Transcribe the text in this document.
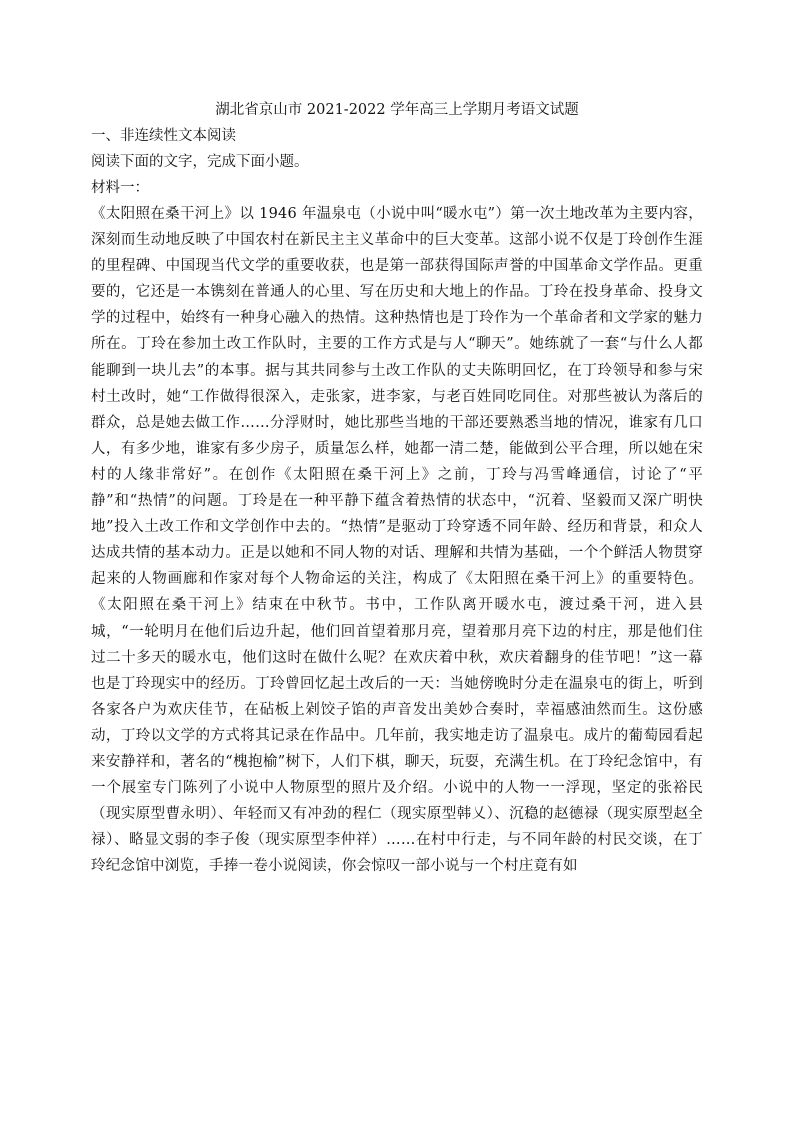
湖北省京山市 2021-2022 学年高三上学期月考语文试题

一、非连续性文本阅读

阅读下面的文字，完成下面小题。

材料一：

《太阳照在桑干河上》以 1946 年温泉屯（小说中叫“暖水屯”）第一次土地改革为主要内容，深刻而生动地反映了中国农村在新民主主义革命中的巨大变革。这部小说不仅是丁玲创作生涯的里程碑、中国现当代文学的重要收获，也是第一部获得国际声誉的中国革命文学作品。更重要的，它还是一本镌刻在普通人的心里、写在历史和大地上的作品。丁玲在投身革命、投身文学的过程中，始终有一种身心融入的热情。这种热情也是丁玲作为一个革命者和文学家的魅力所在。丁玲在参加土改工作队时，主要的工作方式是与人“聊天”。她练就了一套“与什么人都能聊到一块儿去”的本事。据与其共同参与土改工作队的丈夫陈明回忆，在丁玲领导和参与宋村土改时，她“工作做得很深入，走张家，进李家，与老百姓同吃同住。对那些被认为落后的群众，总是她去做工作……分浮财时，她比那些当地的干部还要熟悉当地的情况，谁家有几口人，有多少地，谁家有多少房子，质量怎么样，她都一清二楚，能做到公平合理，所以她在宋村的人缘非常好”。在创作《太阳照在桑干河上》之前，丁玲与冯雪峰通信，讨论了“平静”和“热情”的问题。丁玲是在一种平静下蕴含着热情的状态中，“沉着、坚毅而又深广明快地”投入土改工作和文学创作中去的。“热情”是驱动丁玲穿透不同年龄、经历和背景，和众人达成共情的基本动力。正是以她和不同人物的对话、理解和共情为基础，一个个鲜活人物贯穿起来的人物画廊和作家对每个人物命运的关注，构成了《太阳照在桑干河上》的重要特色。《太阳照在桑干河上》结束在中秋节。书中，工作队离开暖水屯，渡过桑干河，进入县城，“一轮明月在他们后边升起，他们回首望着那月亮，望着那月亮下边的村庄，那是他们住过二十多天的暖水屯，他们这时在做什么呢？在欢庆着中秋，欢庆着翻身的佳节吧！”这一幕也是丁玲现实中的经历。丁玲曾回忆起土改后的一天：当她傍晚时分走在温泉屯的街上，听到各家各户为欢庆佳节，在砧板上剁饺子馅的声音发出美妙合奏时，幸福感油然而生。这份感动，丁玲以文学的方式将其记录在作品中。几年前，我实地走访了温泉屯。成片的葡萄园看起来安静祥和，著名的“槐抱榆”树下，人们下棋，聊天，玩耍，充满生机。在丁玲纪念馆中，有一个展室专门陈列了小说中人物原型的照片及介绍。小说中的人物一一浮现，坚定的张裕民（现实原型曹永明）、年轻而又有冲劲的程仁（现实原型韩乂）、沉稳的赵德禄（现实原型赵全禄）、略显文弱的李子俊（现实原型李仲祥）……在村中行走，与不同年龄的村民交谈，在丁玲纪念馆中浏览，手捧一卷小说阅读，你会惊叹一部小说与一个村庄竟有如
